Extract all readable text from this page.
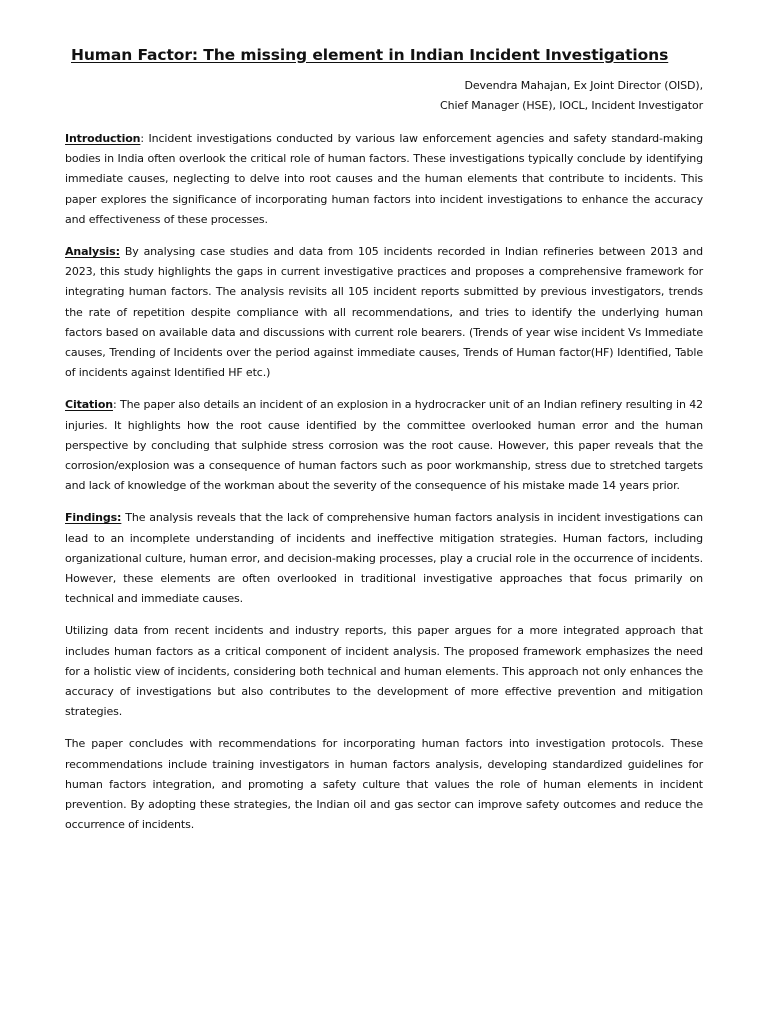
Human Factor: The missing element in Indian Incident Investigations
Devendra Mahajan, Ex Joint Director (OISD),
Chief Manager (HSE), IOCL, Incident Investigator

Introduction: Incident investigations conducted by various law enforcement agencies and safety standard-making bodies in India often overlook the critical role of human factors. These investigations typically conclude by identifying immediate causes, neglecting to delve into root causes and the human elements that contribute to incidents. This paper explores the significance of incorporating human factors into incident investigations to enhance the accuracy and effectiveness of these processes.

Analysis: By analysing case studies and data from 105 incidents recorded in Indian refineries between 2013 and 2023, this study highlights the gaps in current investigative practices and proposes a comprehensive framework for integrating human factors. The analysis revisits all 105 incident reports submitted by previous investigators, trends the rate of repetition despite compliance with all recommendations, and tries to identify the underlying human factors based on available data and discussions with current role bearers. (Trends of year wise incident Vs Immediate causes, Trending of Incidents over the period against immediate causes, Trends of Human factor(HF) Identified, Table of incidents against Identified HF etc.)

Citation: The paper also details an incident of an explosion in a hydrocracker unit of an Indian refinery resulting in 42 injuries. It highlights how the root cause identified by the committee overlooked human error and the human perspective by concluding that sulphide stress corrosion was the root cause. However, this paper reveals that the corrosion/explosion was a consequence of human factors such as poor workmanship, stress due to stretched targets and lack of knowledge of the workman about the severity of the consequence of his mistake made 14 years prior.

Findings: The analysis reveals that the lack of comprehensive human factors analysis in incident investigations can lead to an incomplete understanding of incidents and ineffective mitigation strategies. Human factors, including organizational culture, human error, and decision-making processes, play a crucial role in the occurrence of incidents. However, these elements are often overlooked in traditional investigative approaches that focus primarily on technical and immediate causes.

Utilizing data from recent incidents and industry reports, this paper argues for a more integrated approach that includes human factors as a critical component of incident analysis. The proposed framework emphasizes the need for a holistic view of incidents, considering both technical and human elements. This approach not only enhances the accuracy of investigations but also contributes to the development of more effective prevention and mitigation strategies.

The paper concludes with recommendations for incorporating human factors into investigation protocols. These recommendations include training investigators in human factors analysis, developing standardized guidelines for human factors integration, and promoting a safety culture that values the role of human elements in incident prevention. By adopting these strategies, the Indian oil and gas sector can improve safety outcomes and reduce the occurrence of incidents.
